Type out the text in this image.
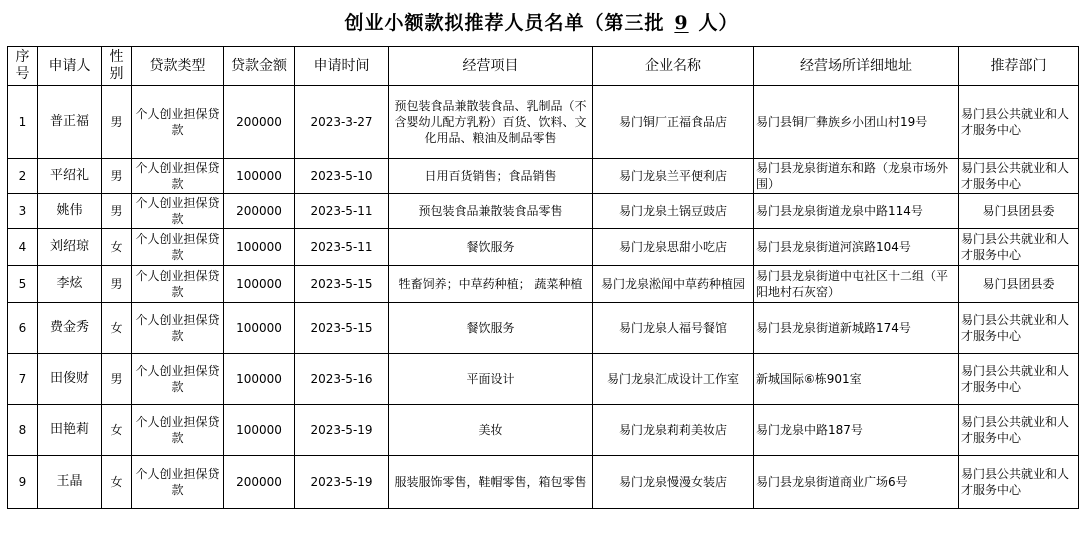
创业小额款拟推荐人员名单（第三批 9 人）
序号	申请人	性别	贷款类型	贷款金额	申请时间	经营项目	企业名称	经营场所详细地址	推荐部门
1	普正福	男	个人创业担保贷款	200000	2023-3-27	预包装食品兼散装食品、乳制品（不含婴幼儿配方乳粉）百货、饮料、文化用品、粮油及制品零售	易门铜厂正福食品店	易门县铜厂彝族乡小团山村19号	易门县公共就业和人才服务中心
2	平绍礼	男	个人创业担保贷款	100000	2023-5-10	日用百货销售；食品销售	易门龙泉兰平便利店	易门县龙泉街道东和路（龙泉市场外围）	易门县公共就业和人才服务中心
3	姚伟	男	个人创业担保贷款	200000	2023-5-11	预包装食品兼散装食品零售	易门龙泉土锅豆豉店	易门县龙泉街道龙泉中路114号	易门县团县委
4	刘绍琼	女	个人创业担保贷款	100000	2023-5-11	餐饮服务	易门龙泉思甜小吃店	易门县龙泉街道河滨路104号	易门县公共就业和人才服务中心
5	李炫	男	个人创业担保贷款	100000	2023-5-15	牲畜饲养；中草药种植； 蔬菜种植	易门龙泉淞闻中草药种植园	易门县龙泉街道中屯社区十二组（平阳地村石灰窑）	易门县团县委
6	费金秀	女	个人创业担保贷款	100000	2023-5-15	餐饮服务	易门龙泉人福号餐馆	易门县龙泉街道新城路174号	易门县公共就业和人才服务中心
7	田俊财	男	个人创业担保贷款	100000	2023-5-16	平面设计	易门龙泉汇成设计工作室	新城国际⑥栋901室	易门县公共就业和人才服务中心
8	田艳莉	女	个人创业担保贷款	100000	2023-5-19	美妆	易门龙泉莉莉美妆店	易门龙泉中路187号	易门县公共就业和人才服务中心
9	王晶	女	个人创业担保贷款	200000	2023-5-19	服装服饰零售，鞋帽零售，箱包零售	易门龙泉慢漫女装店	易门县龙泉街道商业广场6号	易门县公共就业和人才服务中心
